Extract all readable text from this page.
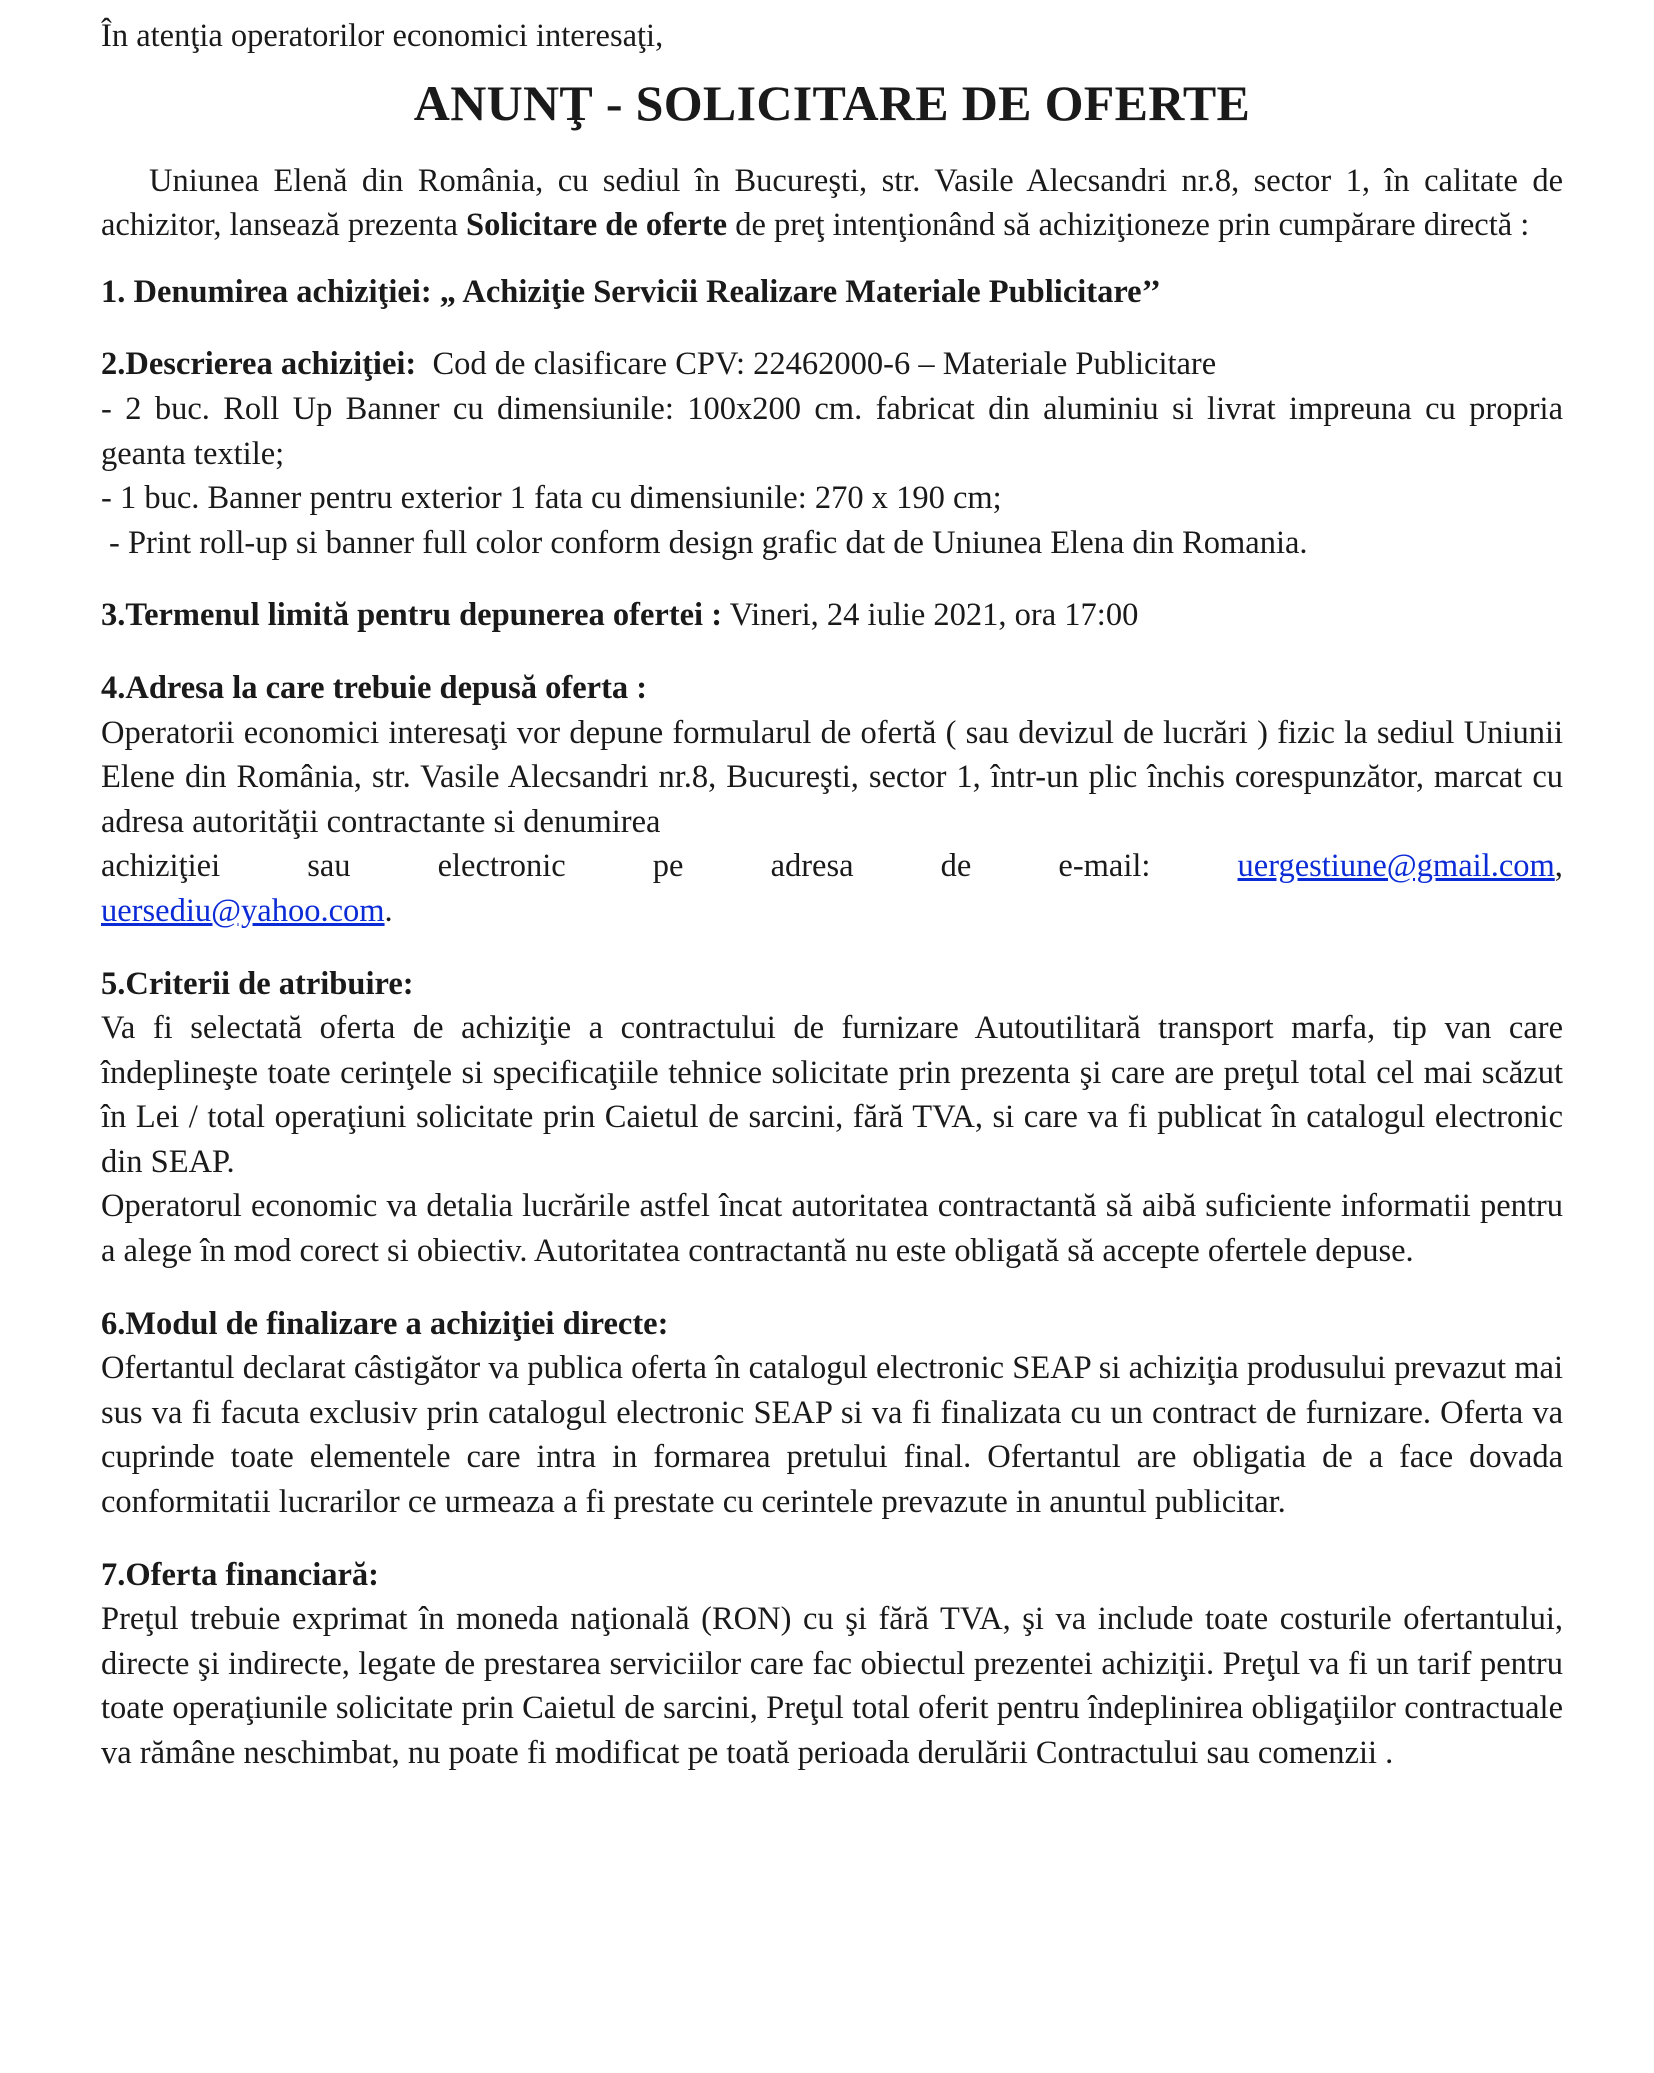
În atenţia operatorilor economici interesaţi,

ANUNŢ - SOLICITARE DE OFERTE

Uniunea Elenă din România, cu sediul în Bucureşti, str. Vasile Alecsandri nr.8, sector 1, în calitate de achizitor, lansează prezenta Solicitare de oferte de preţ intenţionând să achiziţioneze prin cumpărare directă :

1. Denumirea achiziţiei: „ Achiziţie Servicii Realizare Materiale Publicitare’’

2.Descrierea achiziţiei:  Cod de clasificare CPV: 22462000-6 – Materiale Publicitare

- 2 buc. Roll Up Banner cu dimensiunile: 100x200 cm. fabricat din aluminiu si livrat impreuna cu propria geanta textile;

- 1 buc. Banner pentru exterior 1 fata cu dimensiunile: 270 x 190 cm;

- Print roll-up si banner full color conform design grafic dat de Uniunea Elena din Romania.

3.Termenul limită pentru depunerea ofertei : Vineri, 24 iulie 2021, ora 17:00

4.Adresa la care trebuie depusă oferta :

Operatorii economici interesaţi vor depune formularul de ofertă ( sau devizul de lucrări ) fizic la sediul Uniunii Elene din România, str. Vasile Alecsandri nr.8, Bucureşti, sector 1, într-un plic închis corespunzător, marcat cu adresa autorităţii contractante si denumirea

achiziţiei	sau	electronic	pe	adresa	de	e-mail:	uergestiune@gmail.com,

uersediu@yahoo.com.

5.Criterii de atribuire:

Va fi selectată oferta de achiziţie a contractului de furnizare Autoutilitară transport marfa, tip van care îndeplineşte toate cerinţele si specificaţiile tehnice solicitate prin prezenta şi care are preţul total cel mai scăzut în Lei / total operaţiuni solicitate prin Caietul de sarcini, fără TVA, si care va fi publicat în catalogul electronic din SEAP.

Operatorul economic va detalia lucrările astfel încat autoritatea contractantă să aibă suficiente informatii pentru a alege în mod corect si obiectiv. Autoritatea contractantă nu este obligată să accepte ofertele depuse.

6.Modul de finalizare a achiziţiei directe:

Ofertantul declarat câstigător va publica oferta în catalogul electronic SEAP si achiziţia produsului prevazut mai sus va fi facuta exclusiv prin catalogul electronic SEAP si va fi finalizata cu un contract de furnizare. Oferta va cuprinde toate elementele care intra in formarea pretului final. Ofertantul are obligatia de a face dovada conformitatii lucrarilor ce urmeaza a fi prestate cu cerintele prevazute in anuntul publicitar.

7.Oferta financiară:

Preţul trebuie exprimat în moneda naţională (RON) cu şi fără TVA, şi va include toate costurile ofertantului, directe şi indirecte, legate de prestarea serviciilor care fac obiectul prezentei achiziţii. Preţul va fi un tarif pentru toate operaţiunile solicitate prin Caietul de sarcini, Preţul total oferit pentru îndeplinirea obligaţiilor contractuale va rămâne neschimbat, nu poate fi modificat pe toată perioada derulării Contractului sau comenzii .
